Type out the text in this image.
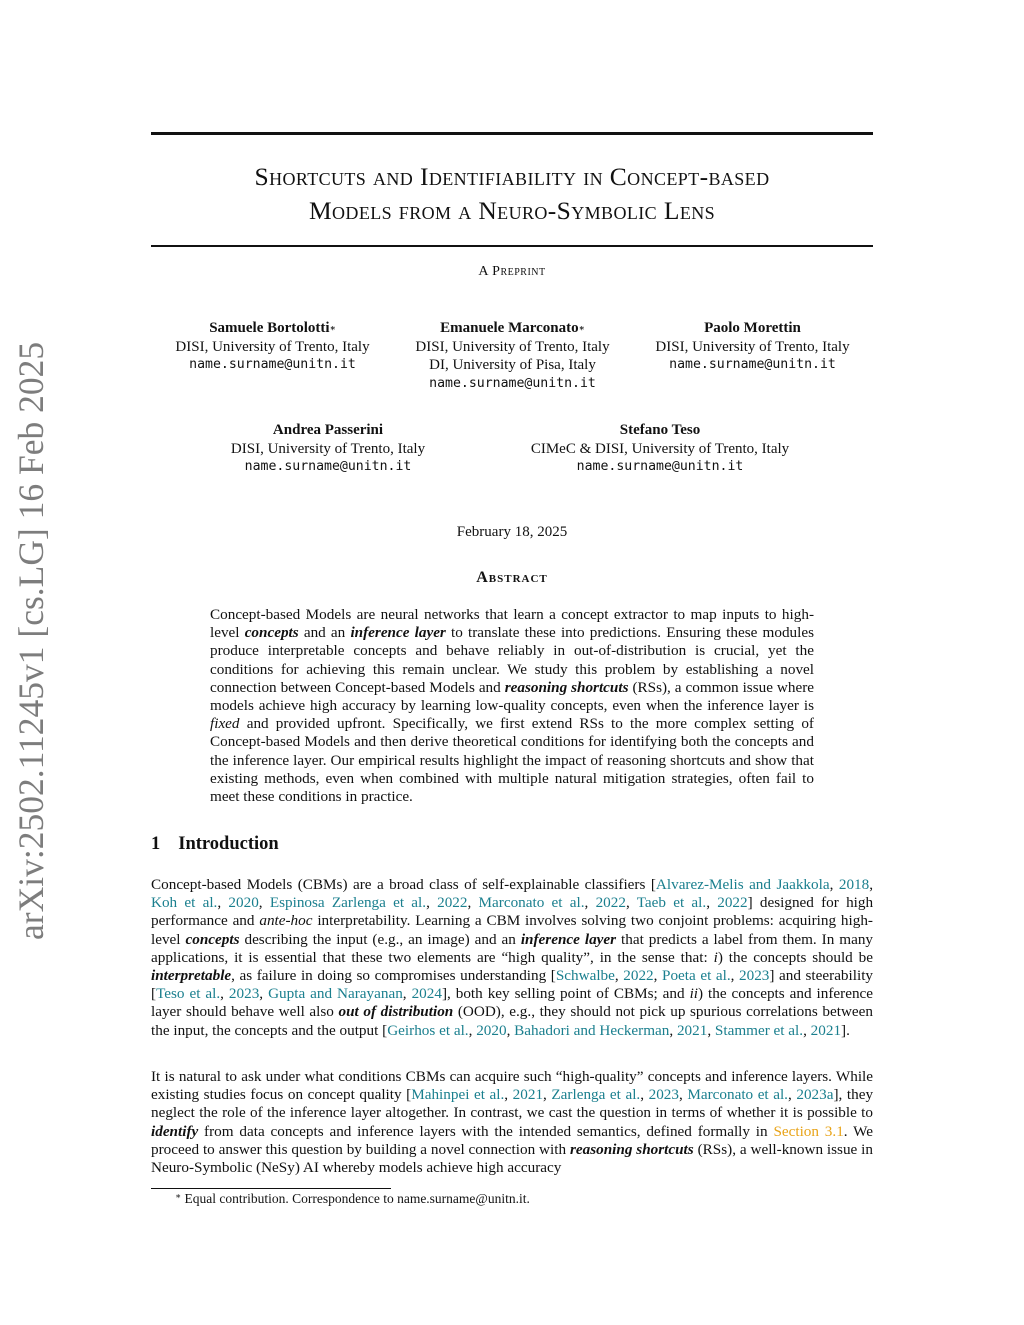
arXiv:2502.11245v1 [cs.LG] 16 Feb 2025
Shortcuts and Identifiability in Concept-based
Models from a Neuro-Symbolic Lens
A Preprint
Samuele Bortolotti∗
DISI, University of Trento, Italy
name.surname@unitn.it
Emanuele Marconato∗
DISI, University of Trento, Italy
DI, University of Pisa, Italy
name.surname@unitn.it
Paolo Morettin
DISI, University of Trento, Italy
name.surname@unitn.it
Andrea Passerini
DISI, University of Trento, Italy
name.surname@unitn.it
Stefano Teso
CIMeC & DISI, University of Trento, Italy
name.surname@unitn.it
February 18, 2025
Abstract
Concept-based Models are neural networks that learn a concept extractor to map inputs to high-level concepts and an inference layer to translate these into predictions. Ensuring these modules produce interpretable concepts and behave reliably in out-of-distribution is crucial, yet the conditions for achieving this remain unclear. We study this problem by establishing a novel connection between Concept-based Models and reasoning shortcuts (RSs), a common issue where models achieve high accuracy by learning low-quality concepts, even when the inference layer is fixed and provided upfront. Specifically, we first extend RSs to the more complex setting of Concept-based Models and then derive theoretical conditions for identifying both the concepts and the inference layer. Our empirical results highlight the impact of reasoning shortcuts and show that existing methods, even when combined with multiple natural mitigation strategies, often fail to meet these conditions in practice.
1 Introduction
Concept-based Models (CBMs) are a broad class of self-explainable classifiers [Alvarez-Melis and Jaakkola, 2018, Koh et al., 2020, Espinosa Zarlenga et al., 2022, Marconato et al., 2022, Taeb et al., 2022] designed for high performance and ante-hoc interpretability. Learning a CBM involves solving two conjoint problems: acquiring high-level concepts describing the input (e.g., an image) and an inference layer that predicts a label from them. In many applications, it is essential that these two elements are “high quality”, in the sense that: i) the concepts should be interpretable, as failure in doing so compromises understanding [Schwalbe, 2022, Poeta et al., 2023] and steerability [Teso et al., 2023, Gupta and Narayanan, 2024], both key selling point of CBMs; and ii) the concepts and inference layer should behave well also out of distribution (OOD), e.g., they should not pick up spurious correlations between the input, the concepts and the output [Geirhos et al., 2020, Bahadori and Heckerman, 2021, Stammer et al., 2021].
It is natural to ask under what conditions CBMs can acquire such “high-quality” concepts and inference layers. While existing studies focus on concept quality [Mahinpei et al., 2021, Zarlenga et al., 2023, Marconato et al., 2023a], they neglect the role of the inference layer altogether. In contrast, we cast the question in terms of whether it is possible to identify from data concepts and inference layers with the intended semantics, defined formally in Section 3.1. We proceed to answer this question by building a novel connection with reasoning shortcuts (RSs), a well-known issue in Neuro-Symbolic (NeSy) AI whereby models achieve high accuracy
∗ Equal contribution. Correspondence to name.surname@unitn.it.
